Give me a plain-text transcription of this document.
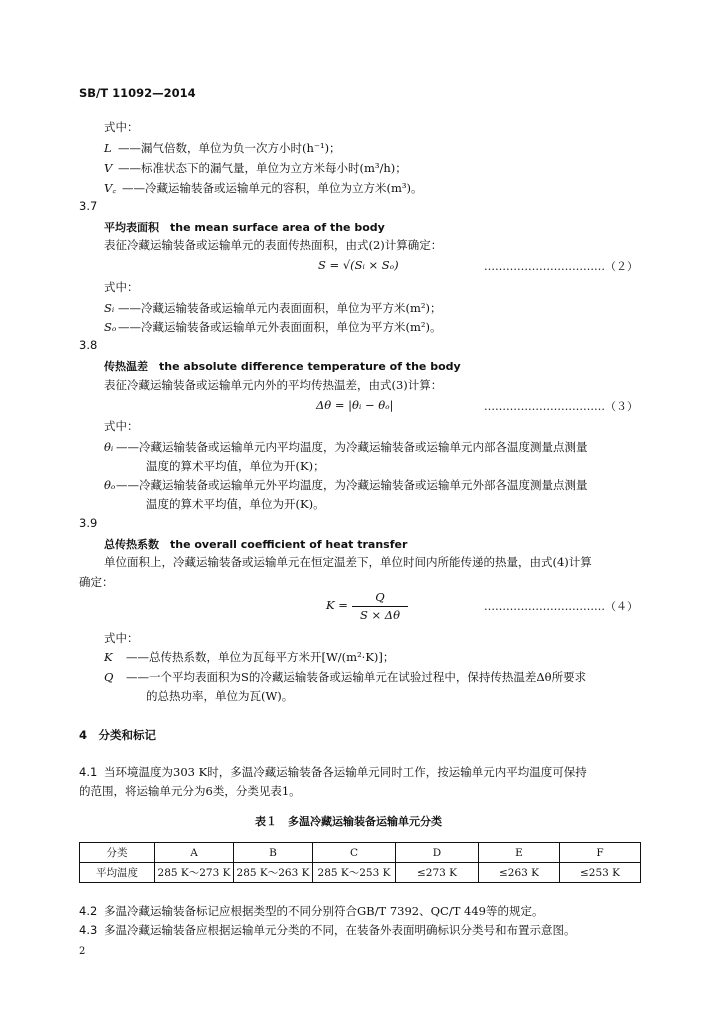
SB/T 11092—2014
式中：
L ——漏气倍数，单位为负一次方小时(h⁻¹)；
V ——标准状态下的漏气量，单位为立方米每小时(m³/h)；
V꜀ ——冷藏运输装备或运输单元的容积，单位为立方米(m³)。
3.7
平均表面积　the mean surface area of the body
表征冷藏运输装备或运输单元的表面传热面积，由式(2)计算确定：
S = √(Sᵢ × Sₒ)	……………………………（２）
式中：
Sᵢ ——冷藏运输装备或运输单元内表面面积，单位为平方米(m²)；
Sₒ ——冷藏运输装备或运输单元外表面面积，单位为平方米(m²)。
3.8
传热温差　the absolute difference temperature of the body
表征冷藏运输装备或运输单元内外的平均传热温差，由式(3)计算：
Δθ = |θᵢ − θₒ|	……………………………（３）
式中：
θᵢ ——冷藏运输装备或运输单元内平均温度，为冷藏运输装备或运输单元内部各温度测量点测量
温度的算术平均值，单位为开(K)；
θₒ ——冷藏运输装备或运输单元外平均温度，为冷藏运输装备或运输单元外部各温度测量点测量
温度的算术平均值，单位为开(K)。
3.9
总传热系数　the overall coefficient of heat transfer
单位面积上，冷藏运输装备或运输单元在恒定温差下，单位时间内所能传递的热量，由式(4)计算
确定：
K =
Q
S × Δθ
……………………………（４）
式中：
K ——总传热系数，单位为瓦每平方米开[W/(m²·K)]；
Q ——一个平均表面积为S的冷藏运输装备或运输单元在试验过程中，保持传热温差Δθ所要求
的总热功率，单位为瓦(W)。
4　分类和标记
4.1 当环境温度为303 K时，多温冷藏运输装备各运输单元同时工作，按运输单元内平均温度可保持
的范围，将运输单元分为6类，分类见表1。
表１　多温冷藏运输装备运输单元分类
分类	A	B	C	D	E	F
平均温度	285 K～273 K	285 K～263 K	285 K～253 K	≤273 K	≤263 K	≤253 K
4.2 多温冷藏运输装备标记应根据类型的不同分别符合GB/T 7392、QC/T 449等的规定。
4.3 多温冷藏运输装备应根据运输单元分类的不同，在装备外表面明确标识分类号和布置示意图。
2
